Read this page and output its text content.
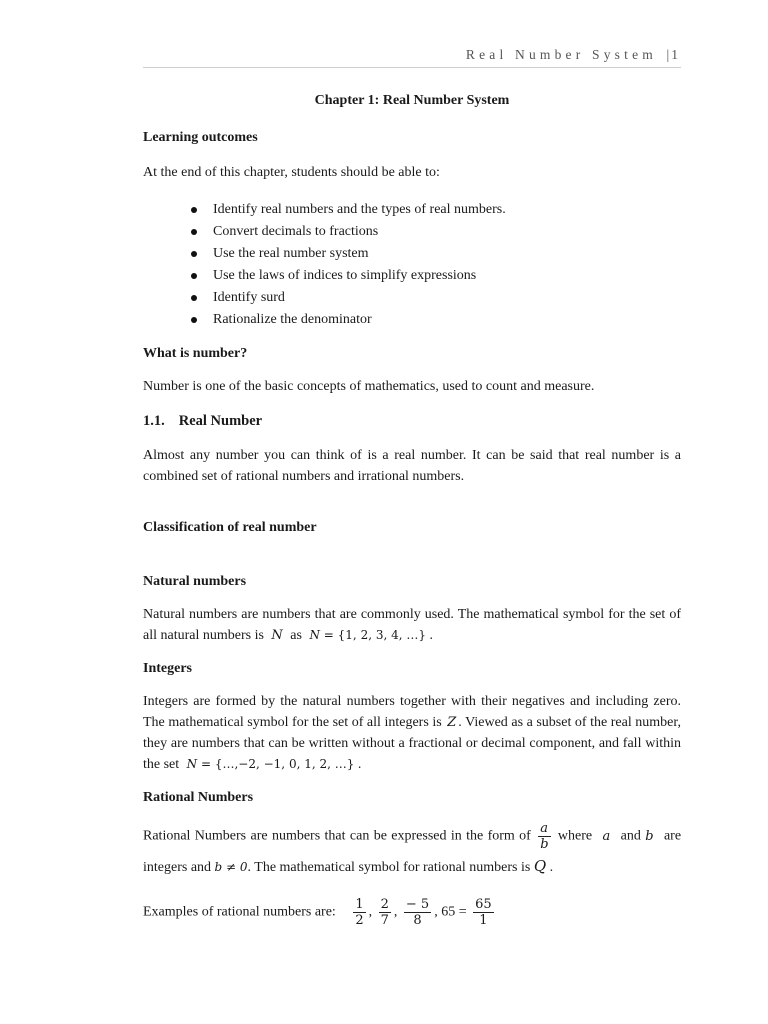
Real Number System | 1

Chapter 1: Real Number System

Learning outcomes

At the end of this chapter, students should be able to:

Identify real numbers and the types of real numbers.
Convert decimals to fractions
Use the real number system
Use the laws of indices to simplify expressions
Identify surd
Rationalize the denominator

What is number?

Number is one of the basic concepts of mathematics, used to count and measure.

1.1. Real Number

Almost any number you can think of is a real number. It can be said that real number is a combined set of rational numbers and irrational numbers.

Classification of real number

Natural numbers

Natural numbers are numbers that are commonly used. The mathematical symbol for the set of all natural numbers is N as N = {1, 2, 3, 4, …} .

Integers

Integers are formed by the natural numbers together with their negatives and including zero. The mathematical symbol for the set of all integers is Z . Viewed as a subset of the real number, they are numbers that can be written without a fractional or decimal component, and fall within the set N = {…,−2, −1, 0, 1, 2, …} .

Rational Numbers

Rational Numbers are numbers that can be expressed in the form of $\frac{a}{b}$ where a and b are integers and b ≠ 0. The mathematical symbol for rational numbers is Q .

Examples of rational numbers are: $\frac{1}{2}$ , $\frac{2}{7}$ , $\frac{- 5}{8}$ , $65 = \frac{65}{1}$
